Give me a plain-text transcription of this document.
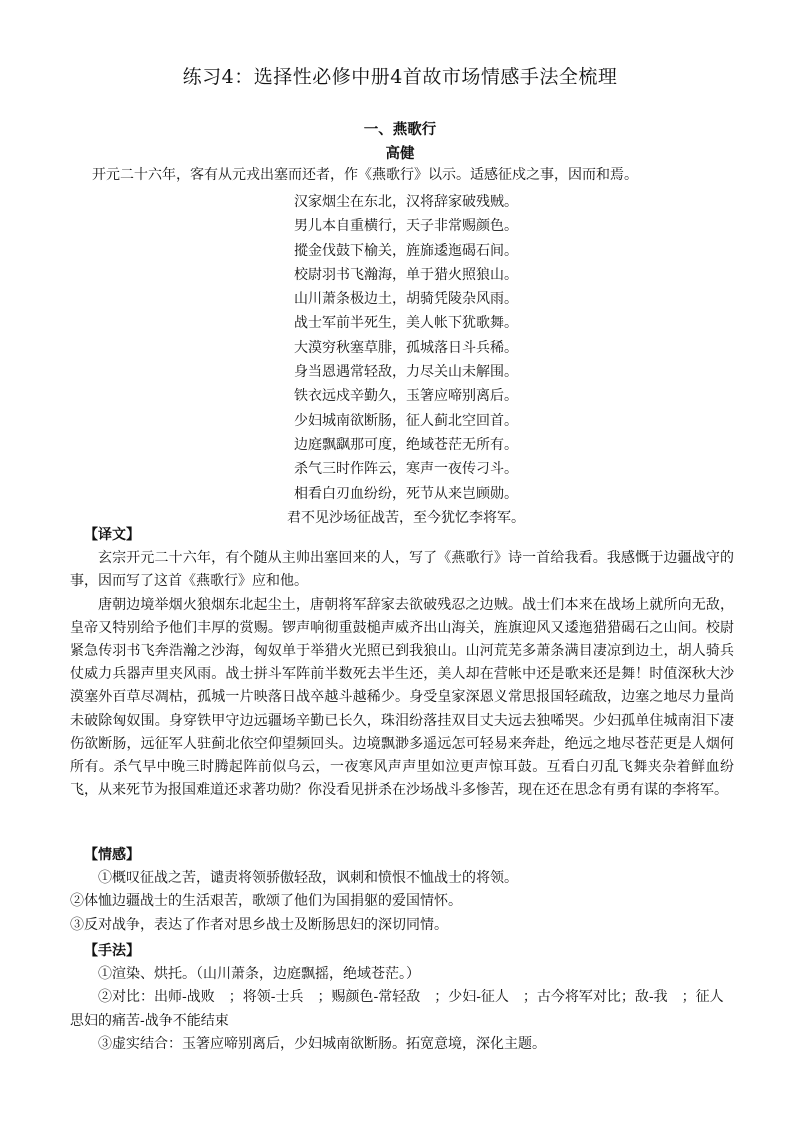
练习4：选择性必修中册4首故市场情感手法全梳理
一、燕歌行
高健
开元二十六年，客有从元戎出塞而还者，作《燕歌行》以示。适感征戍之事，因而和焉。
汉家烟尘在东北，汉将辞家破残贼。
男儿本自重横行，天子非常赐颜色。
摐金伐鼓下榆关，旌旆逶迤碣石间。
校尉羽书飞瀚海，单于猎火照狼山。
山川萧条极边土，胡骑凭陵杂风雨。
战士军前半死生，美人帐下犹歌舞。
大漠穷秋塞草腓，孤城落日斗兵稀。
身当恩遇常轻敌，力尽关山未解围。
铁衣远戍辛勤久，玉箸应啼别离后。
少妇城南欲断肠，征人蓟北空回首。
边庭飘飖那可度，绝域苍茫无所有。
杀气三时作阵云，寒声一夜传刁斗。
相看白刃血纷纷，死节从来岂顾勋。
君不见沙场征战苦，至今犹忆李将军。
【译文】

玄宗开元二十六年，有个随从主帅出塞回来的人，写了《燕歌行》诗一首给我看。我感慨于边疆战守的事，因而写了这首《燕歌行》应和他。

唐朝边境举烟火狼烟东北起尘土，唐朝将军辞家去欲破残忍之边贼。战士们本来在战场上就所向无敌，皇帝又特别给予他们丰厚的赏赐。锣声响彻重鼓槌声威齐出山海关，旌旗迎风又逶迤猎猎碣石之山间。校尉紧急传羽书飞奔浩瀚之沙海，匈奴单于举猎火光照已到我狼山。山河荒芜多萧条满目凄凉到边土，胡人骑兵仗威力兵器声里夹风雨。战士拼斗军阵前半数死去半生还，美人却在营帐中还是歌来还是舞！时值深秋大沙漠塞外百草尽凋枯，孤城一片映落日战卒越斗越稀少。身受皇家深恩义常思报国轻疏敌，边塞之地尽力量尚未破除匈奴围。身穿铁甲守边远疆场辛勤已长久，珠泪纷落挂双目丈夫远去独唏哭。少妇孤单住城南泪下凄伤欲断肠，远征军人驻蓟北依空仰望频回头。边境飘渺多遥远怎可轻易来奔赴，绝远之地尽苍茫更是人烟何所有。杀气早中晚三时腾起阵前似乌云，一夜寒风声声里如泣更声惊耳鼓。互看白刃乱飞舞夹杂着鲜血纷飞，从来死节为报国难道还求著功勋？你没看见拼杀在沙场战斗多惨苦，现在还在思念有勇有谋的李将军。

【情感】

①概叹征战之苦，谴责将领骄傲轻敌，讽刺和愤恨不恤战士的将领。

②体恤边疆战士的生活艰苦，歌颂了他们为国捐躯的爱国情怀。

③反对战争，表达了作者对思乡战士及断肠思妇的深切同情。

【手法】

①渲染、烘托。（山川萧条，边庭飘摇，绝域苍茫。）

②对比：出师-战败　；将领-士兵　；赐颜色-常轻敌　；少妇-征人　；古今将军对比；敌-我　；征人思妇的痛苦-战争不能结束

③虚实结合：玉箸应啼别离后，少妇城南欲断肠。拓宽意境，深化主题。
